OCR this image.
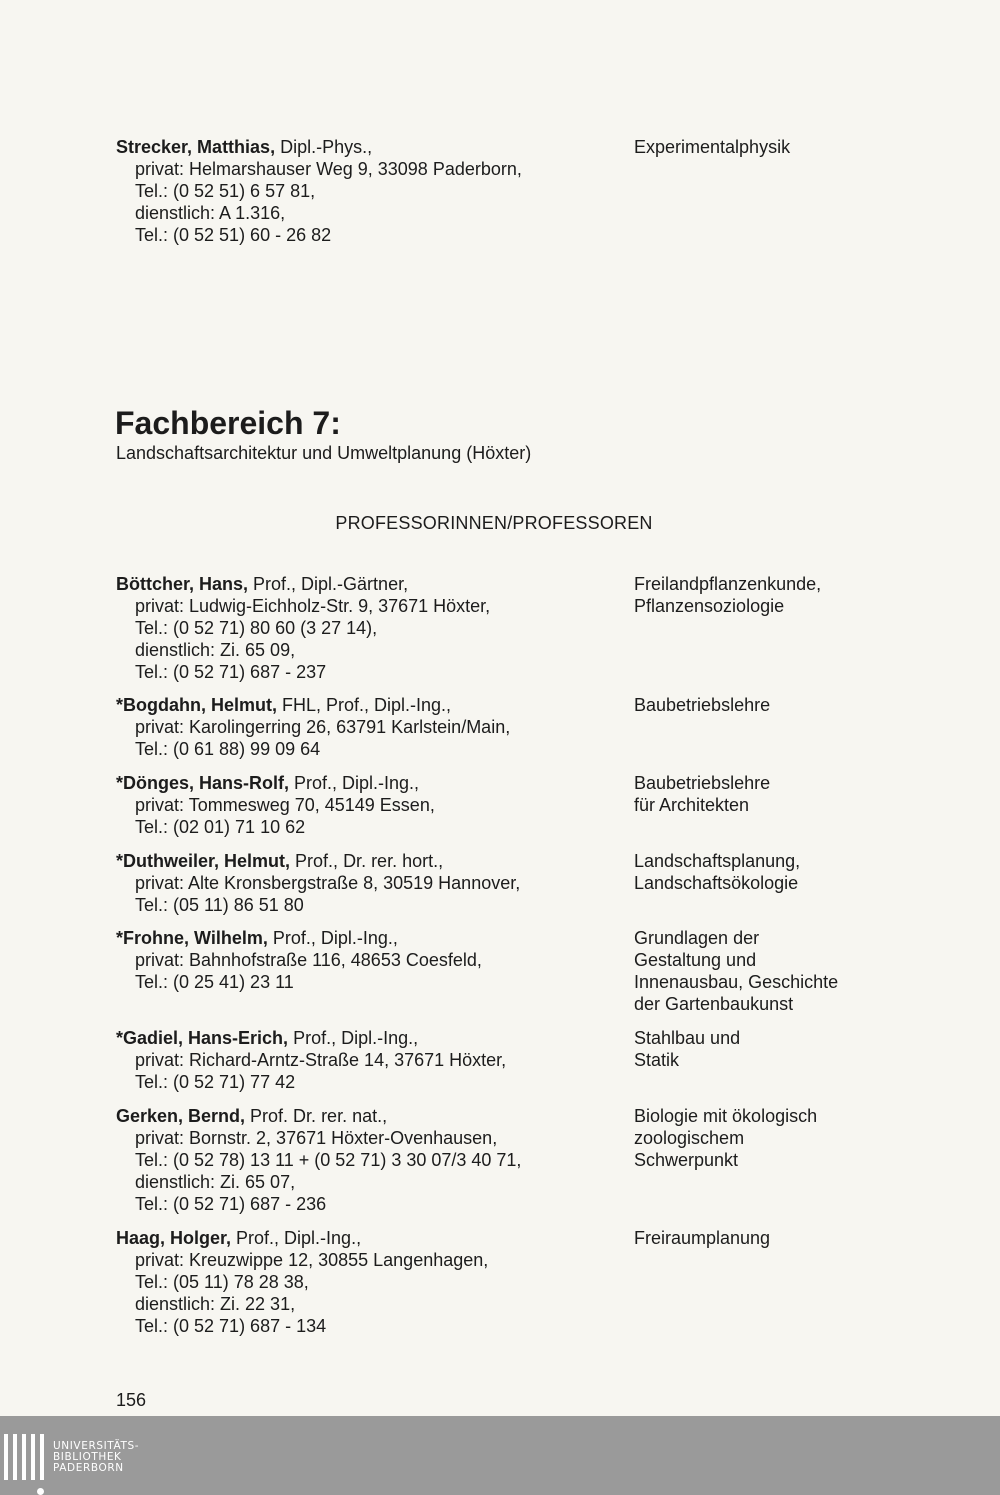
Strecker, Matthias, Dipl.-Phys.,
privat: Helmarshauser Weg 9, 33098 Paderborn,
Tel.: (0 52 51) 6 57 81,
dienstlich: A 1.316,
Tel.: (0 52 51) 60 - 26 82
Experimentalphysik
Fachbereich 7:
Landschaftsarchitektur und Umweltplanung (Höxter)
PROFESSORINNEN/PROFESSOREN
Böttcher, Hans, Prof., Dipl.-Gärtner,
privat: Ludwig-Eichholz-Str. 9, 37671 Höxter,
Tel.: (0 52 71) 80 60 (3 27 14),
dienstlich: Zi. 65 09,
Tel.: (0 52 71) 687 - 237
Freilandpflanzenkunde,
Pflanzensoziologie
*Bogdahn, Helmut, FHL, Prof., Dipl.-Ing.,
privat: Karolingerring 26, 63791 Karlstein/Main,
Tel.: (0 61 88) 99 09 64
Baubetriebslehre
*Dönges, Hans-Rolf, Prof., Dipl.-Ing.,
privat: Tommesweg 70, 45149 Essen,
Tel.: (02 01) 71 10 62
Baubetriebslehre
für Architekten
*Duthweiler, Helmut, Prof., Dr. rer. hort.,
privat: Alte Kronsbergstraße 8, 30519 Hannover,
Tel.: (05 11) 86 51 80
Landschaftsplanung,
Landschaftsökologie
*Frohne, Wilhelm, Prof., Dipl.-Ing.,
privat: Bahnhofstraße 116, 48653 Coesfeld,
Tel.: (0 25 41) 23 11
Grundlagen der
Gestaltung und
Innenausbau, Geschichte
der Gartenbaukunst
*Gadiel, Hans-Erich, Prof., Dipl.-Ing.,
privat: Richard-Arntz-Straße 14, 37671 Höxter,
Tel.: (0 52 71) 77 42
Stahlbau und
Statik
Gerken, Bernd, Prof. Dr. rer. nat.,
privat: Bornstr. 2, 37671 Höxter-Ovenhausen,
Tel.: (0 52 78) 13 11 + (0 52 71) 3 30 07/3 40 71,
dienstlich: Zi. 65 07,
Tel.: (0 52 71) 687 - 236
Biologie mit ökologisch
zoologischem
Schwerpunkt
Haag, Holger, Prof., Dipl.-Ing.,
privat: Kreuzwippe 12, 30855 Langenhagen,
Tel.: (05 11) 78 28 38,
dienstlich: Zi. 22 31,
Tel.: (0 52 71) 687 - 134
Freiraumplanung
156
UNIVERSITÄTS-
BIBLIOTHEK
PADERBORN
